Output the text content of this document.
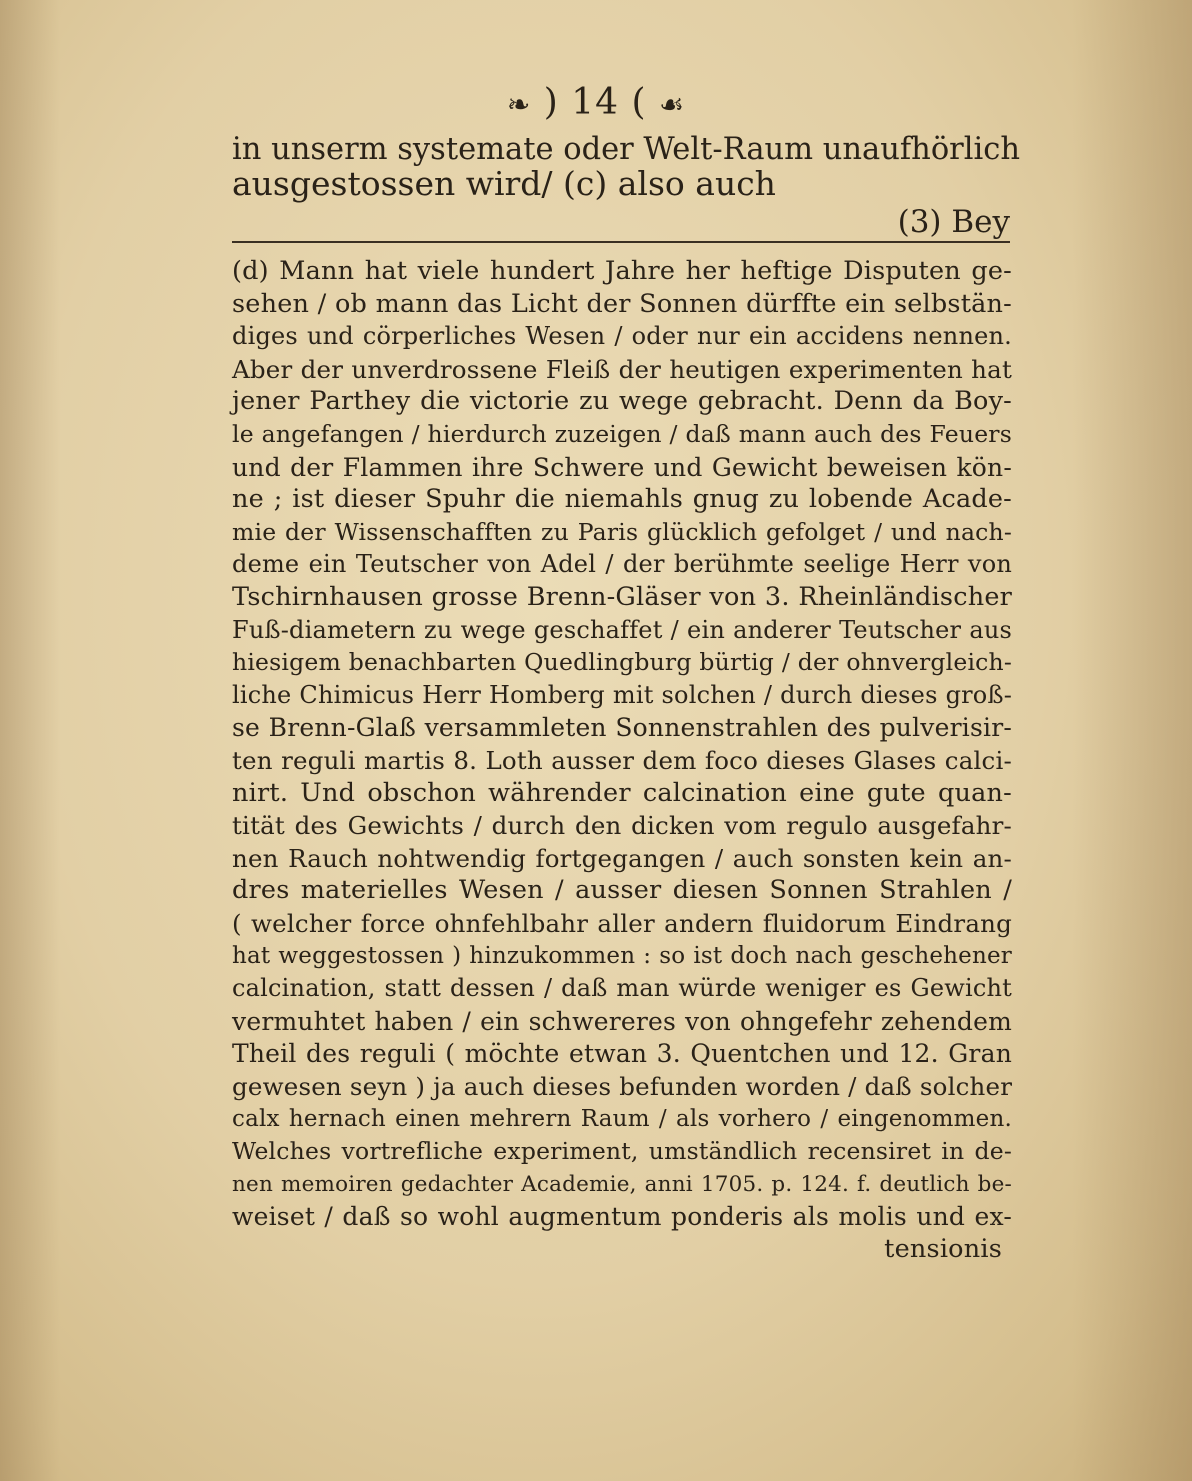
❧ ) 14 ( ☙
in unserm systemate oder Welt-Raum unaufhörlich
ausgestossen wird/ (c) also auch
(3) Bey
(d) Mann hat viele hundert Jahre her heftige Disputen ge-
sehen / ob mann das Licht der Sonnen dürffte ein selbstän-
diges und cörperliches Wesen / oder nur ein accidens nennen.
Aber der unverdrossene Fleiß der heutigen experimenten hat
jener Parthey die victorie zu wege gebracht. Denn da Boy-
le angefangen / hierdurch zuzeigen / daß mann auch des Feuers
und der Flammen ihre Schwere und Gewicht beweisen kön-
ne ; ist dieser Spuhr die niemahls gnug zu lobende Acade-
mie der Wissenschafften zu Paris glücklich gefolget / und nach-
deme ein Teutscher von Adel / der berühmte seelige Herr von
Tschirnhausen grosse Brenn-Gläser von 3. Rheinländischer
Fuß-diametern zu wege geschaffet / ein anderer Teutscher aus
hiesigem benachbarten Quedlingburg bürtig / der ohnvergleich-
liche Chimicus Herr Homberg mit solchen / durch dieses groß-
se Brenn-Glaß versammleten Sonnenstrahlen des pulverisir-
ten reguli martis 8. Loth ausser dem foco dieses Glases calci-
nirt. Und obschon währender calcination eine gute quan-
tität des Gewichts / durch den dicken vom regulo ausgefahr-
nen Rauch nohtwendig fortgegangen / auch sonsten kein an-
dres materielles Wesen / ausser diesen Sonnen Strahlen /
( welcher force ohnfehlbahr aller andern fluidorum Eindrang
hat weggestossen ) hinzukommen : so ist doch nach geschehener
calcination, statt dessen / daß man würde weniger es Gewicht
vermuhtet haben / ein schwereres von ohngefehr zehendem
Theil des reguli ( möchte etwan 3. Quentchen und 12. Gran
gewesen seyn ) ja auch dieses befunden worden / daß solcher
calx hernach einen mehrern Raum / als vorhero / eingenommen.
Welches vortrefliche experiment, umständlich recensiret in de-
nen memoiren gedachter Academie, anni 1705. p. 124. f. deutlich be-
weiset / daß so wohl augmentum ponderis als molis und ex-
tensionis
